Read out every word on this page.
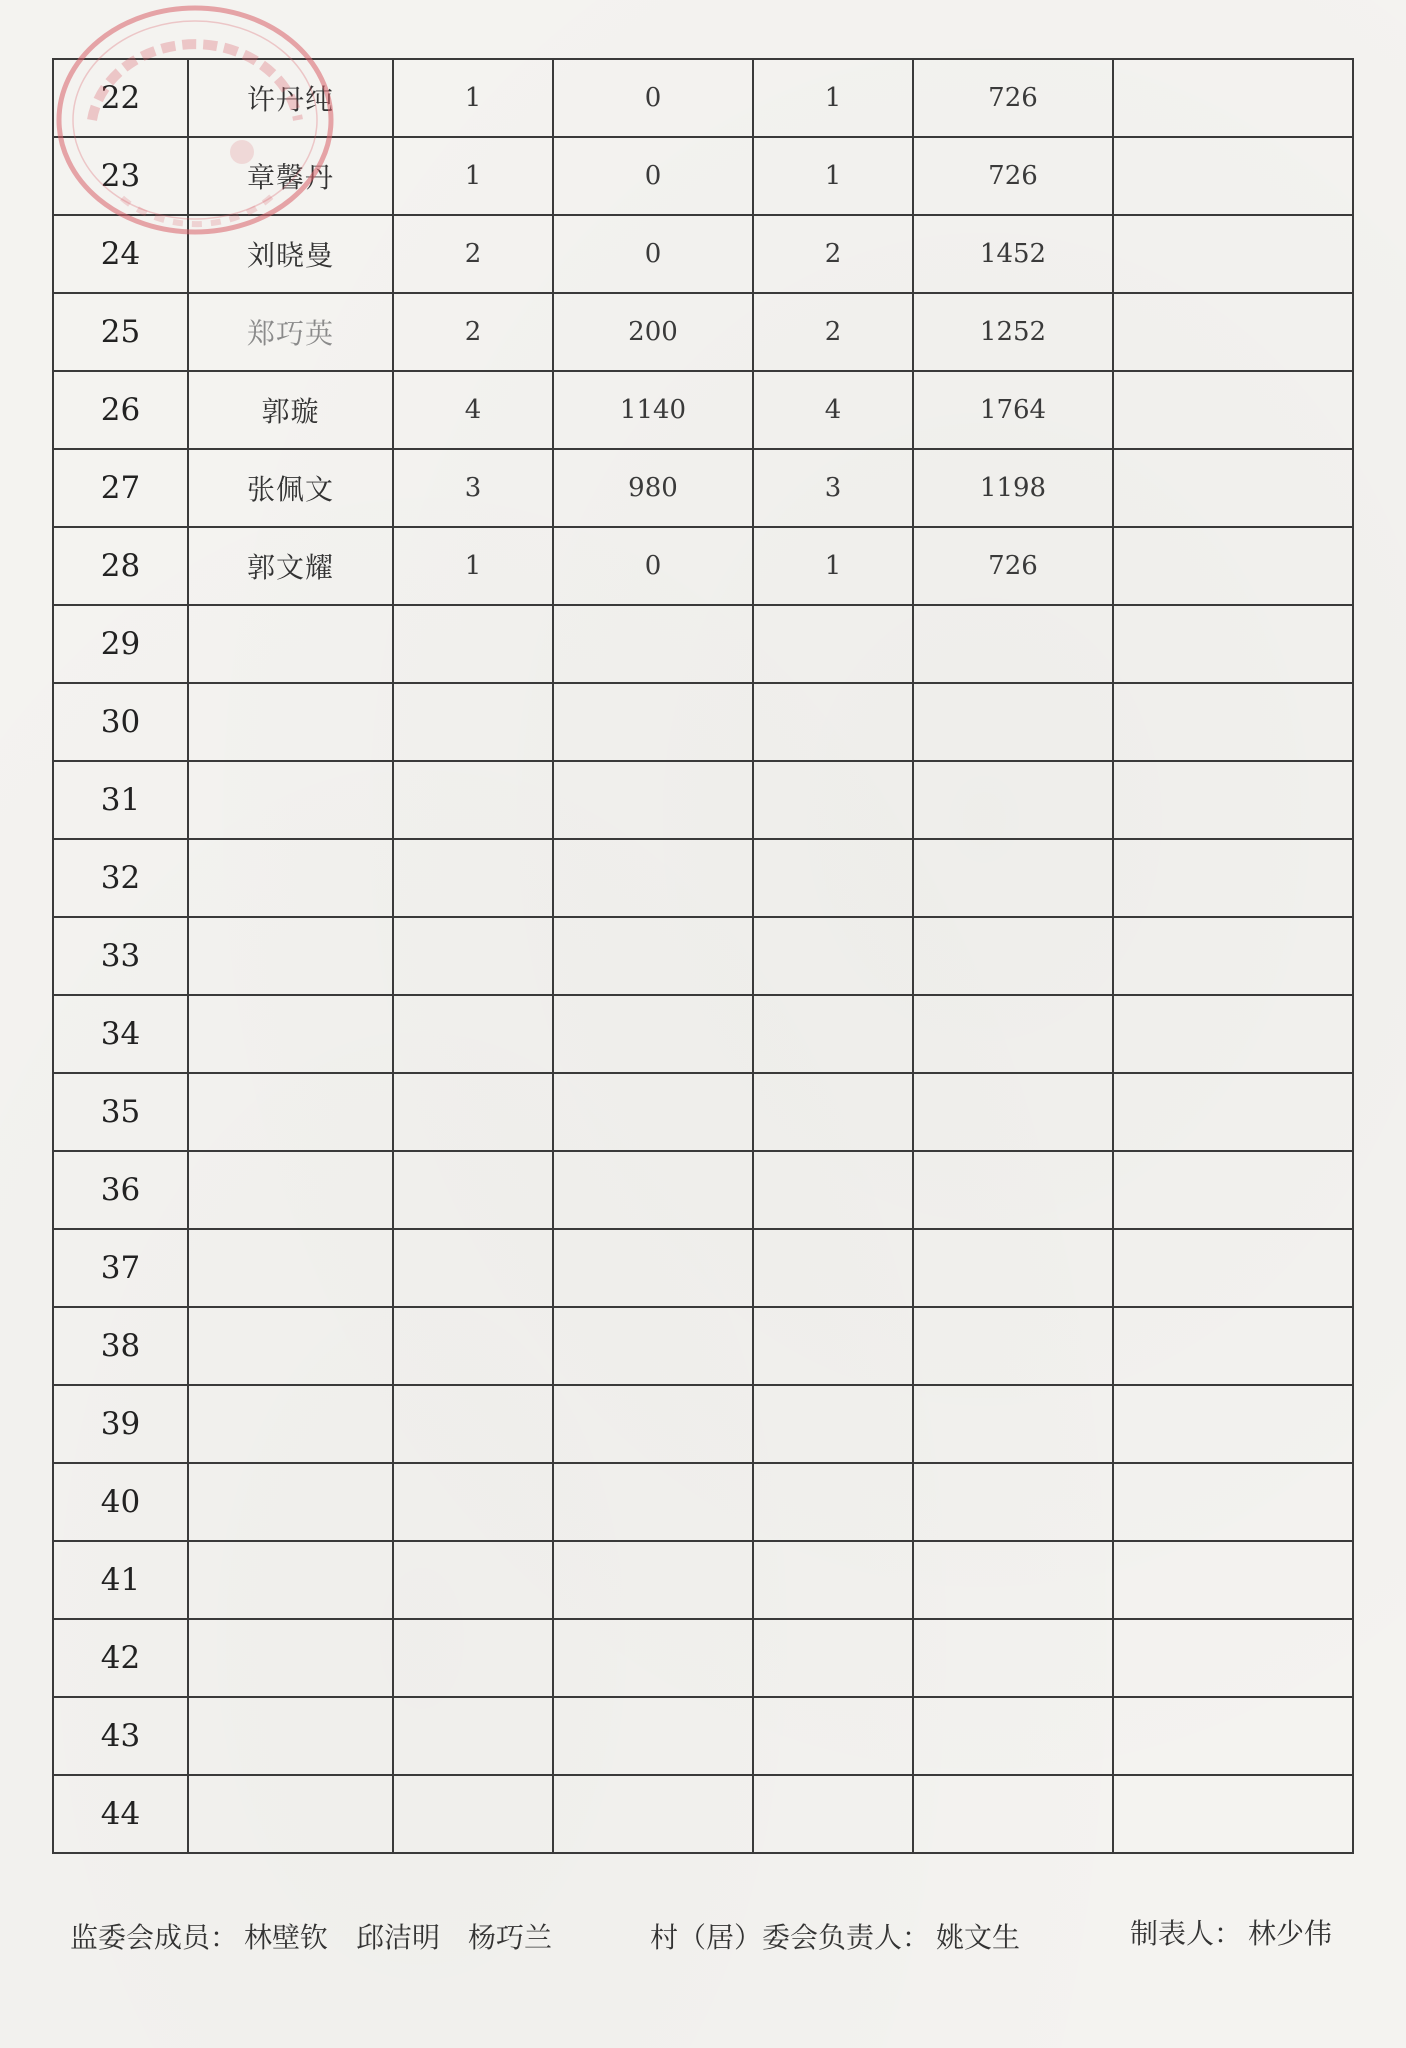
22	许丹纯	1	0	1	726	
23	章馨丹	1	0	1	726	
24	刘晓曼	2	0	2	1452	
25	郑巧英	2	200	2	1252	
26	郭璇	4	1140	4	1764	
27	张佩文	3	980	3	1198	
28	郭文耀	1	0	1	726	
29						
30						
31						
32						
33						
34						
35						
36						
37						
38						
39						
40						
41						
42						
43						
44						
监委会成员： 林壁钦 邱洁明 杨巧兰	村（居）委会负责人： 姚文生	制表人： 林少伟
